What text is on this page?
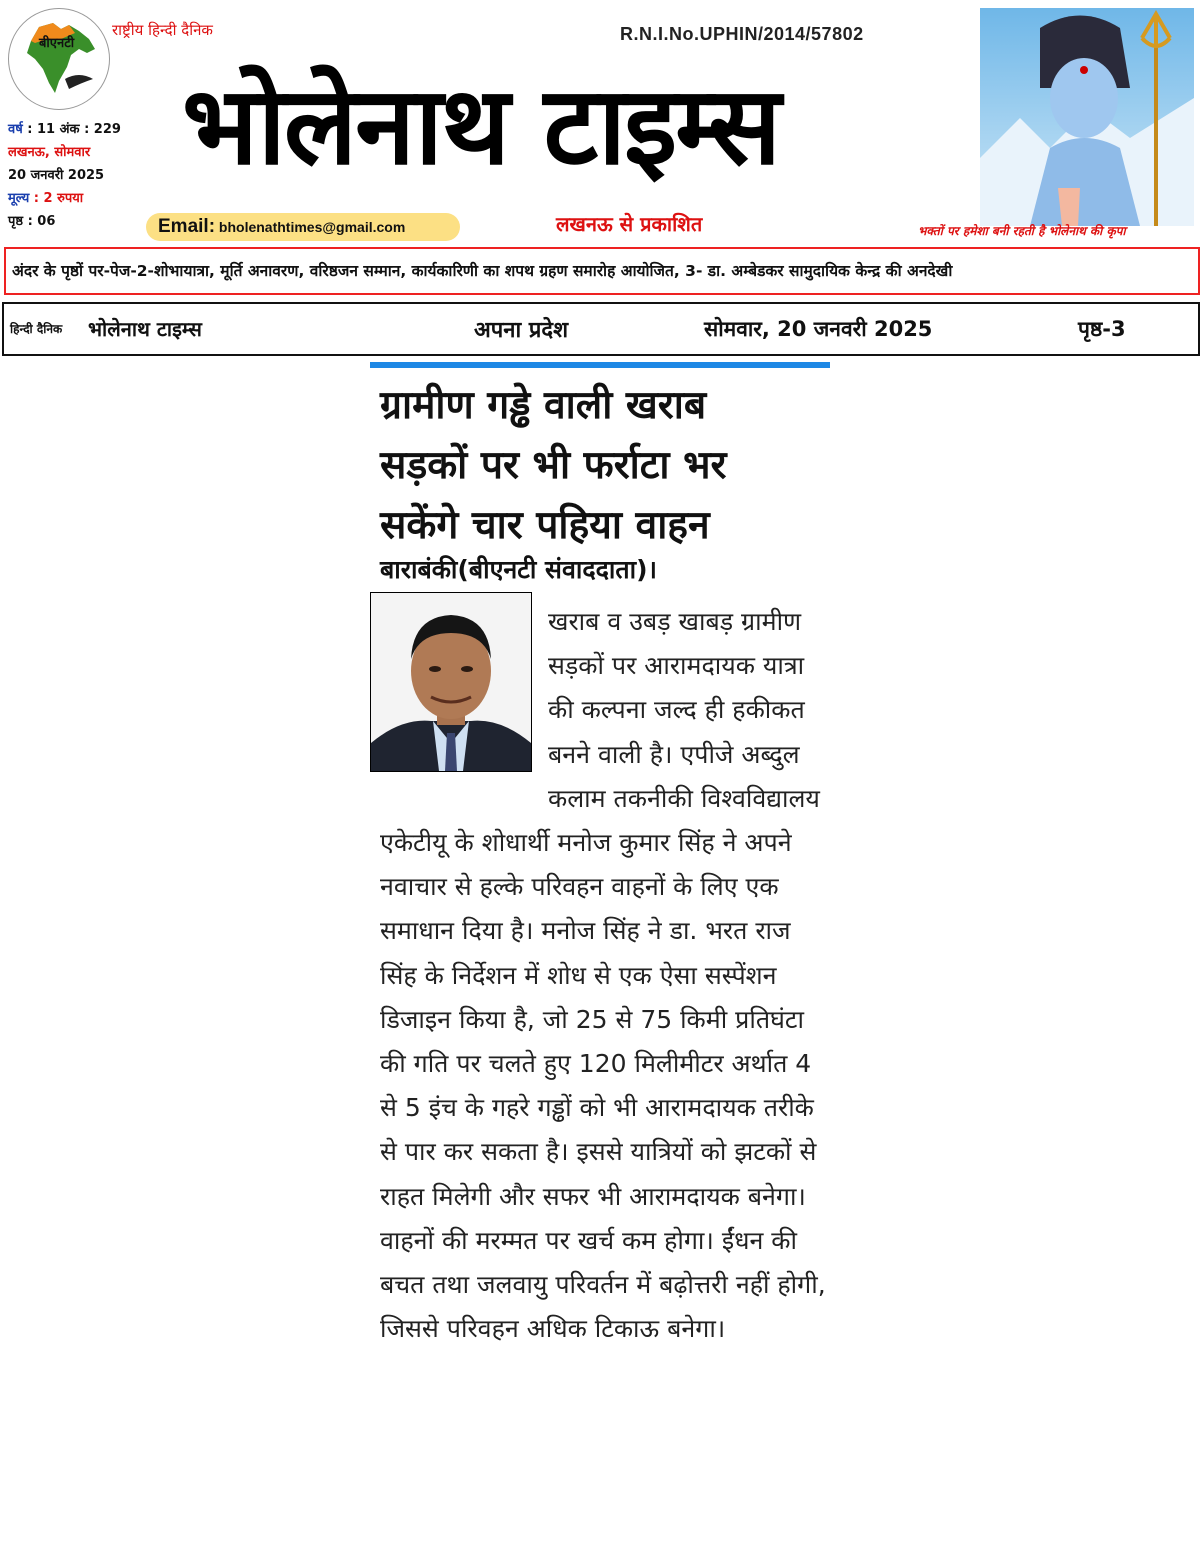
बीएनटी
राष्ट्रीय हिन्दी दैनिक	R.N.I.No.UPHIN/2014/57802
भोलेनाथ टाइम्स
वर्ष : 11 अंक : 229
लखनऊ, सोमवार
20 जनवरी 2025
मूल्य : 2 रुपया
पृष्ठ : 06	Email: bholenathtimes@gmail.com	लखनऊ से प्रकाशित	भक्तों पर हमेशा बनी रहती है भोलेनाथ की कृपा
अंदर के पृष्ठों पर-पेज-2-शोभायात्रा, मूर्ति अनावरण, वरिष्ठजन सम्मान, कार्यकारिणी का शपथ ग्रहण समारोह आयोजित, 3- डा. अम्बेडकर सामुदायिक केन्द्र की अनदेखी
हिन्दी दैनिक भोलेनाथ टाइम्स	अपना प्रदेश	सोमवार, 20 जनवरी 2025	पृष्ठ-3
ग्रामीण गड्ढे वाली खराब
सड़कों पर भी फर्राटा भर
सकेंगे चार पहिया वाहन
बाराबंकी(बीएनटी संवाददाता)।

खराब व उबड़ खाबड़ ग्रामीण सड़कों पर आरामदायक यात्रा की कल्पना जल्द ही हकीकत बनने वाली है। एपीजे अब्दुल कलाम तकनीकी विश्वविद्यालय एकेटीयू के शोधार्थी मनोज कुमार सिंह ने अपने नवाचार से हल्के परिवहन वाहनों के लिए एक समाधान दिया है। मनोज सिंह ने डा. भरत राज सिंह के निर्देशन में शोध से एक ऐसा सस्पेंशन डिजाइन किया है, जो 25 से 75 किमी प्रतिघंटा की गति पर चलते हुए 120 मिलीमीटर अर्थात 4 से 5 इंच के गहरे गड्ढों को भी आरामदायक तरीके से पार कर सकता है। इससे यात्रियों को झटकों से राहत मिलेगी और सफर भी आरामदायक बनेगा। वाहनों की मरम्मत पर खर्च कम होगा। ईंधन की बचत तथा जलवायु परिवर्तन में बढ़ोत्तरी नहीं होगी, जिससे परिवहन अधिक टिकाऊ बनेगा।
